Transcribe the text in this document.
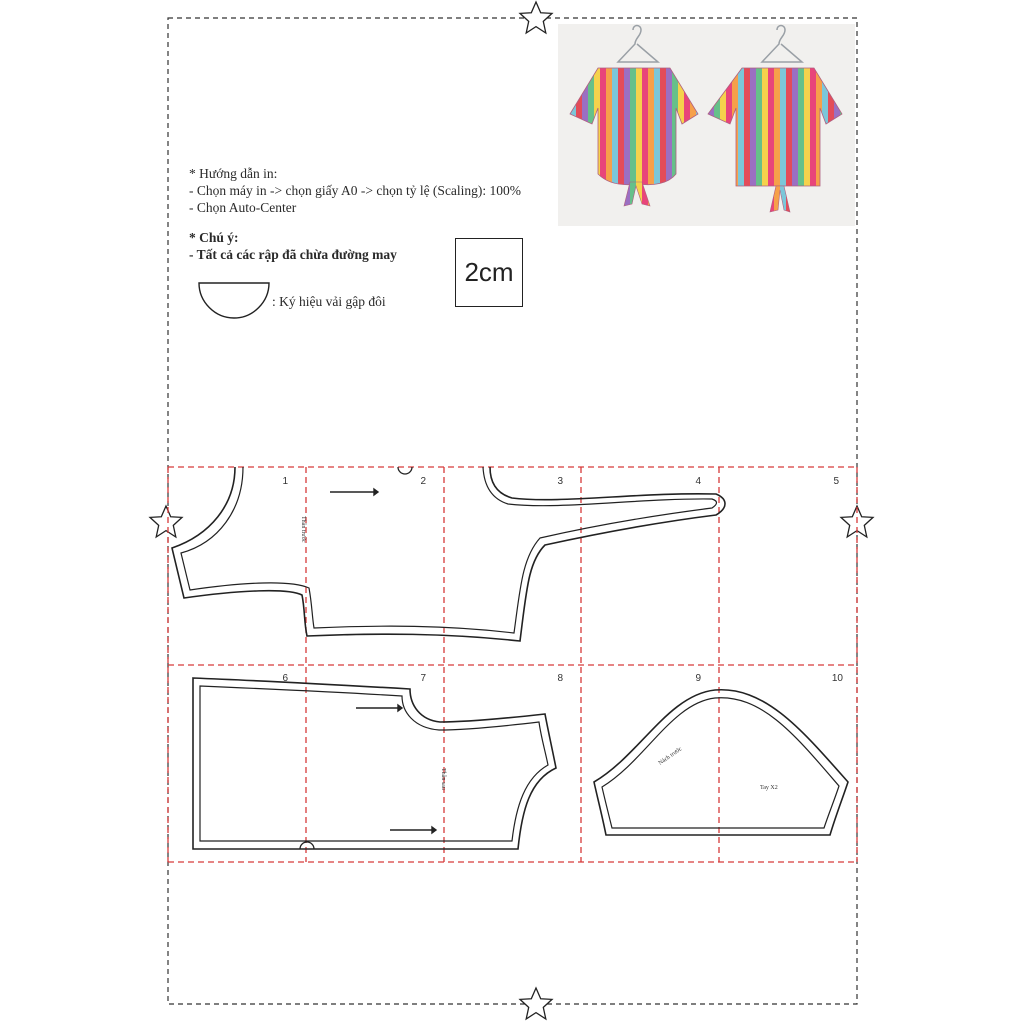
1	2	3	4	5
6	7	8	9	10
Thân trước
Thân sau
Nách trước
Tay X2
* Hướng dẫn in:
- Chọn máy in -> chọn giấy A0 -> chọn tỷ lệ (Scaling): 100%
- Chọn Auto-Center
* Chú ý:
- Tất cả các rập đã chừa đường may
: Ký hiệu vải gập đôi
2cm
